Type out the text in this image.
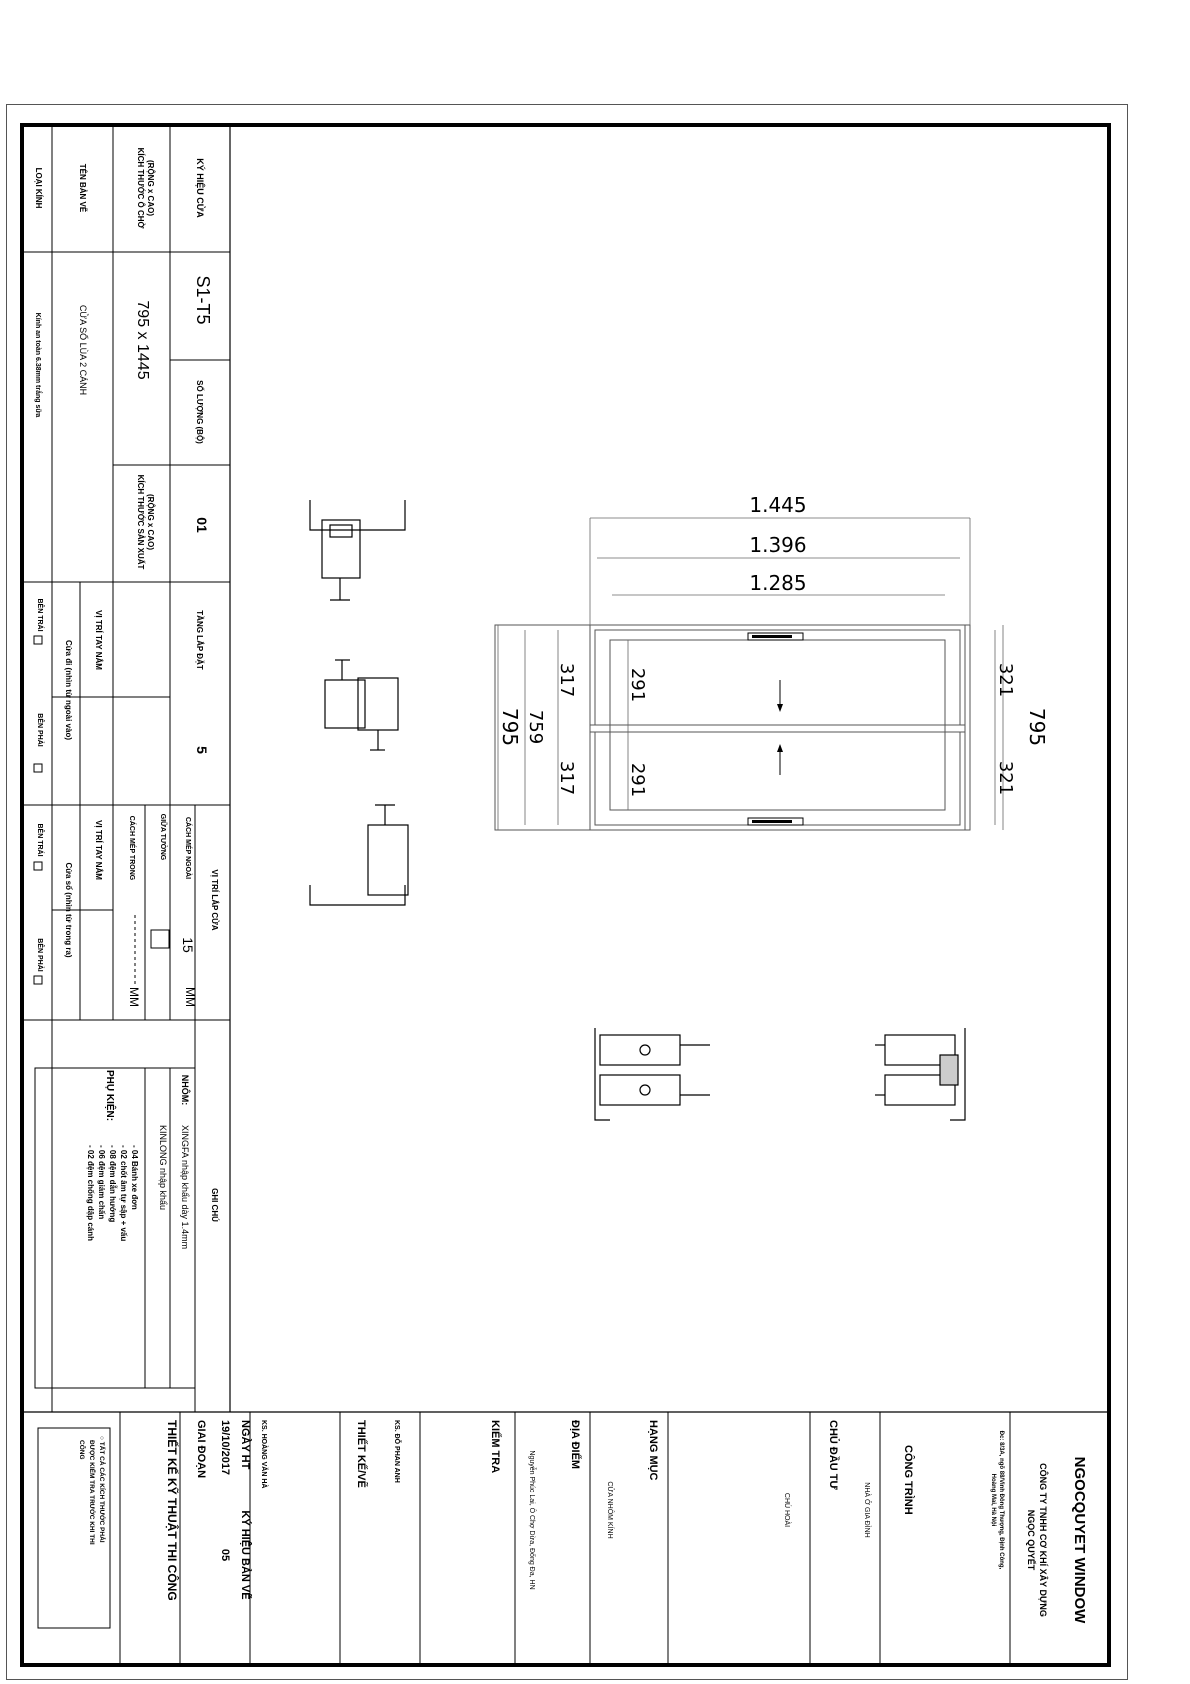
KÝ HIỆU CỬA
S1-T5
SỐ LƯỢNG (BỘ)
01
TẦNG LẮP ĐẶT
5
KÍCH THƯỚC Ô CHỜ (RỘNG x CAO)
795 x 1445
KÍCH THƯỚC SẢN XUẤT (RỘNG x CAO)
TÊN BẢN VẼ
CỬA SỔ LÙA 2 CÁNH
LOẠI KÍNH
Kính an toàn 6.38mm trắng sữa
VỊ TRÍ TAY NẮM
Cửa đi (nhìn từ ngoài vào)
BÊN TRÁI
BÊN PHẢI
VỊ TRÍ TAY NẮM
Cửa sổ (nhìn từ trong ra)
BÊN TRÁI
BÊN PHẢI
VỊ TRÍ LẮP CỬA
CÁCH MÉP NGOÀI
15
MM
GIỮA TƯỜNG
CÁCH MÉP TRONG
MM
GHI CHÚ
NHÔM:
XINGFA nhập khẩu dày 1.4mm
KINLONG nhập khẩu
PHỤ KIỆN:
- 04 Bánh xe đơn
- 02 chốt âm tự sập + vấu
- 08 đệm dẫn hướng
- 06 đệm giảm chấn
- 02 đệm chống dập cánh
NGOCQUYET WINDOW
CÔNG TY TNHH CƠ KHÍ XÂY DỰNG
NGỌC QUYẾT
Đc: 8/3A, ngõ 88/Vinh Đông Thượng, Định Công,
Hoàng Mai, Hà Nội
CÔNG TRÌNH
NHÀ Ở GIA ĐÌNH
CHỦ ĐẦU TƯ
CHÚ HOÀI
HẠNG MỤC
CỬA NHÔM KÍNH
ĐỊA ĐIỂM
Nguyễn Phúc Lai, Ô Chợ Dừa, Đống Đa, HN
KIỂM TRA
KS. ĐỖ PHAN ANH
THIẾT KẾ/VẼ
KS. HOÀNG VĂN HÀ
NGÀY HT
19/10/2017
KÝ HIỆU BẢN VẼ
05
GIAI ĐOẠN
THIẾT KẾ KỸ THUẬT THI CÔNG
○ TẤT CẢ CÁC KÍCH THƯỚC PHẢI
ĐƯỢC KIỂM TRA TRƯỚC KHI THI
CÔNG
1.445
1.396
1.285
795 759
317
317
291
291
321
321
795
